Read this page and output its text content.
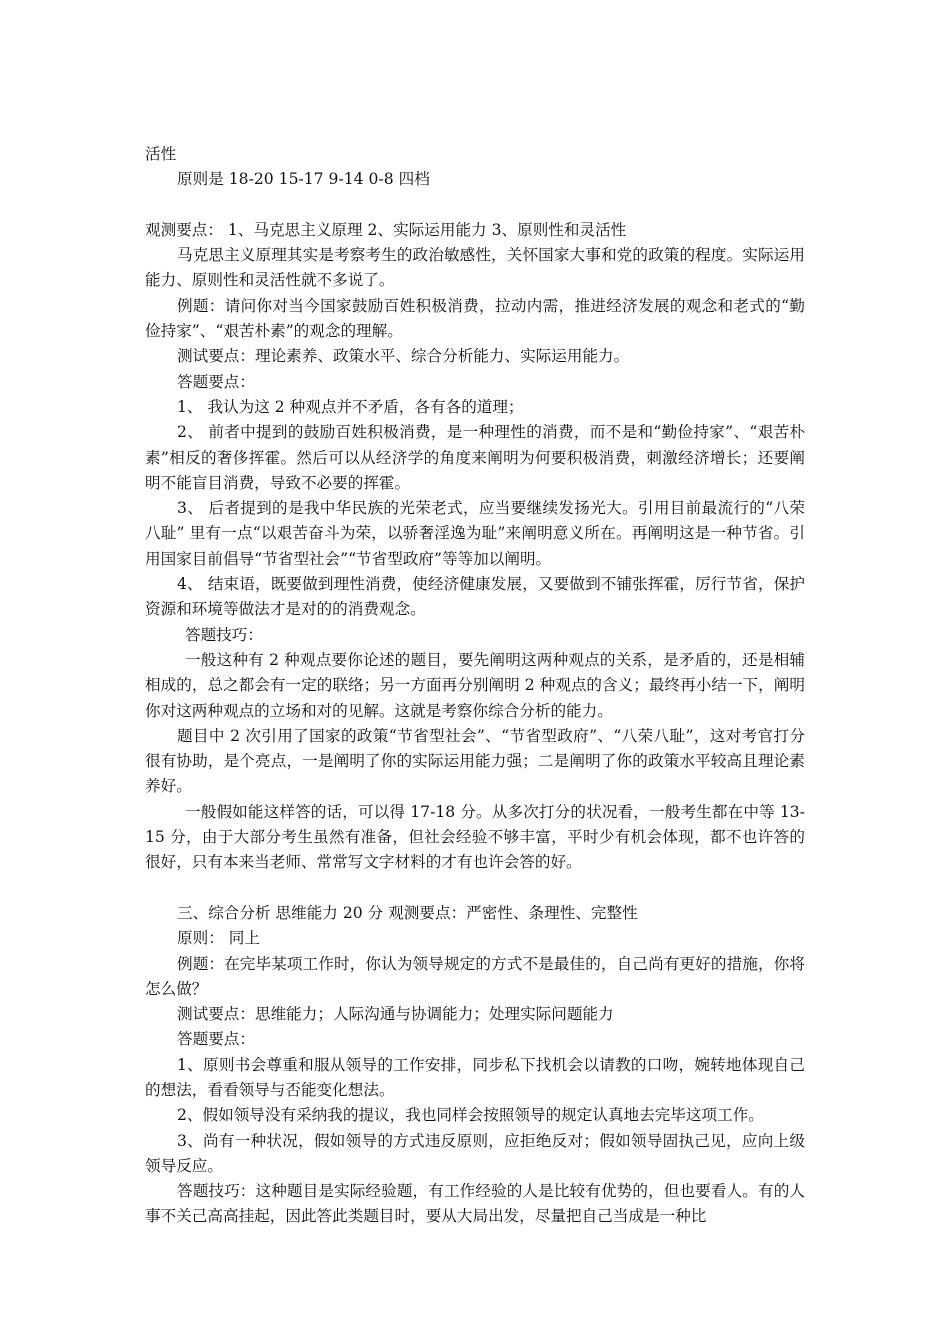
活性

原则是 18-20 15-17 9-14 0-8 四档

观测要点： 1、马克思主义原理 2、实际运用能力 3、原则性和灵活性

马克思主义原理其实是考察考生的政治敏感性，关怀国家大事和党的政策的程度。实际运用能力、原则性和灵活性就不多说了。

例题：请问你对当今国家鼓励百姓积极消费，拉动内需，推进经济发展的观念和老式的“勤俭持家”、“艰苦朴素”的观念的理解。

测试要点：理论素养、政策水平、综合分析能力、实际运用能力。

答题要点：

1、 我认为这 2 种观点并不矛盾，各有各的道理；

2、 前者中提到的鼓励百姓积极消费，是一种理性的消费，而不是和“勤俭持家”、“艰苦朴素”相反的奢侈挥霍。然后可以从经济学的角度来阐明为何要积极消费，刺激经济增长；还要阐明不能盲目消费，导致不必要的挥霍。

3、 后者提到的是我中华民族的光荣老式，应当要继续发扬光大。引用目前最流行的“八荣八耻” 里有一点“以艰苦奋斗为荣，以骄奢淫逸为耻”来阐明意义所在。再阐明这是一种节省。引用国家目前倡导“节省型社会”“节省型政府”等等加以阐明。

4、 结束语，既要做到理性消费，使经济健康发展，又要做到不铺张挥霍，厉行节省，保护资源和环境等做法才是对的的消费观念。

答题技巧：

一般这种有 2 种观点要你论述的题目，要先阐明这两种观点的关系，是矛盾的，还是相辅相成的，总之都会有一定的联络；另一方面再分别阐明 2 种观点的含义；最终再小结一下，阐明你对这两种观点的立场和对的见解。这就是考察你综合分析的能力。

题目中 2 次引用了国家的政策“节省型社会”、“节省型政府”、“八荣八耻”，这对考官打分很有协助，是个亮点，一是阐明了你的实际运用能力强；二是阐明了你的政策水平较高且理论素养好。

一般假如能这样答的话，可以得 17-18 分。从多次打分的状况看，一般考生都在中等 13-15 分，由于大部分考生虽然有准备，但社会经验不够丰富，平时少有机会体现，都不也许答的很好，只有本来当老师、常常写文字材料的才有也许会答的好。

三、综合分析 思维能力 20 分 观测要点：严密性、条理性、完整性

原则： 同上

例题：在完毕某项工作时，你认为领导规定的方式不是最佳的，自己尚有更好的措施，你将怎么做？

测试要点：思维能力；人际沟通与协调能力；处理实际问题能力

答题要点：

1、原则书会尊重和服从领导的工作安排，同步私下找机会以请教的口吻，婉转地体现自己的想法，看看领导与否能变化想法。

2、假如领导没有采纳我的提议，我也同样会按照领导的规定认真地去完毕这项工作。

3、尚有一种状况，假如领导的方式违反原则，应拒绝反对；假如领导固执己见，应向上级领导反应。

答题技巧：这种题目是实际经验题，有工作经验的人是比较有优势的，但也要看人。有的人事不关己高高挂起，因此答此类题目时，要从大局出发，尽量把自己当成是一种比
